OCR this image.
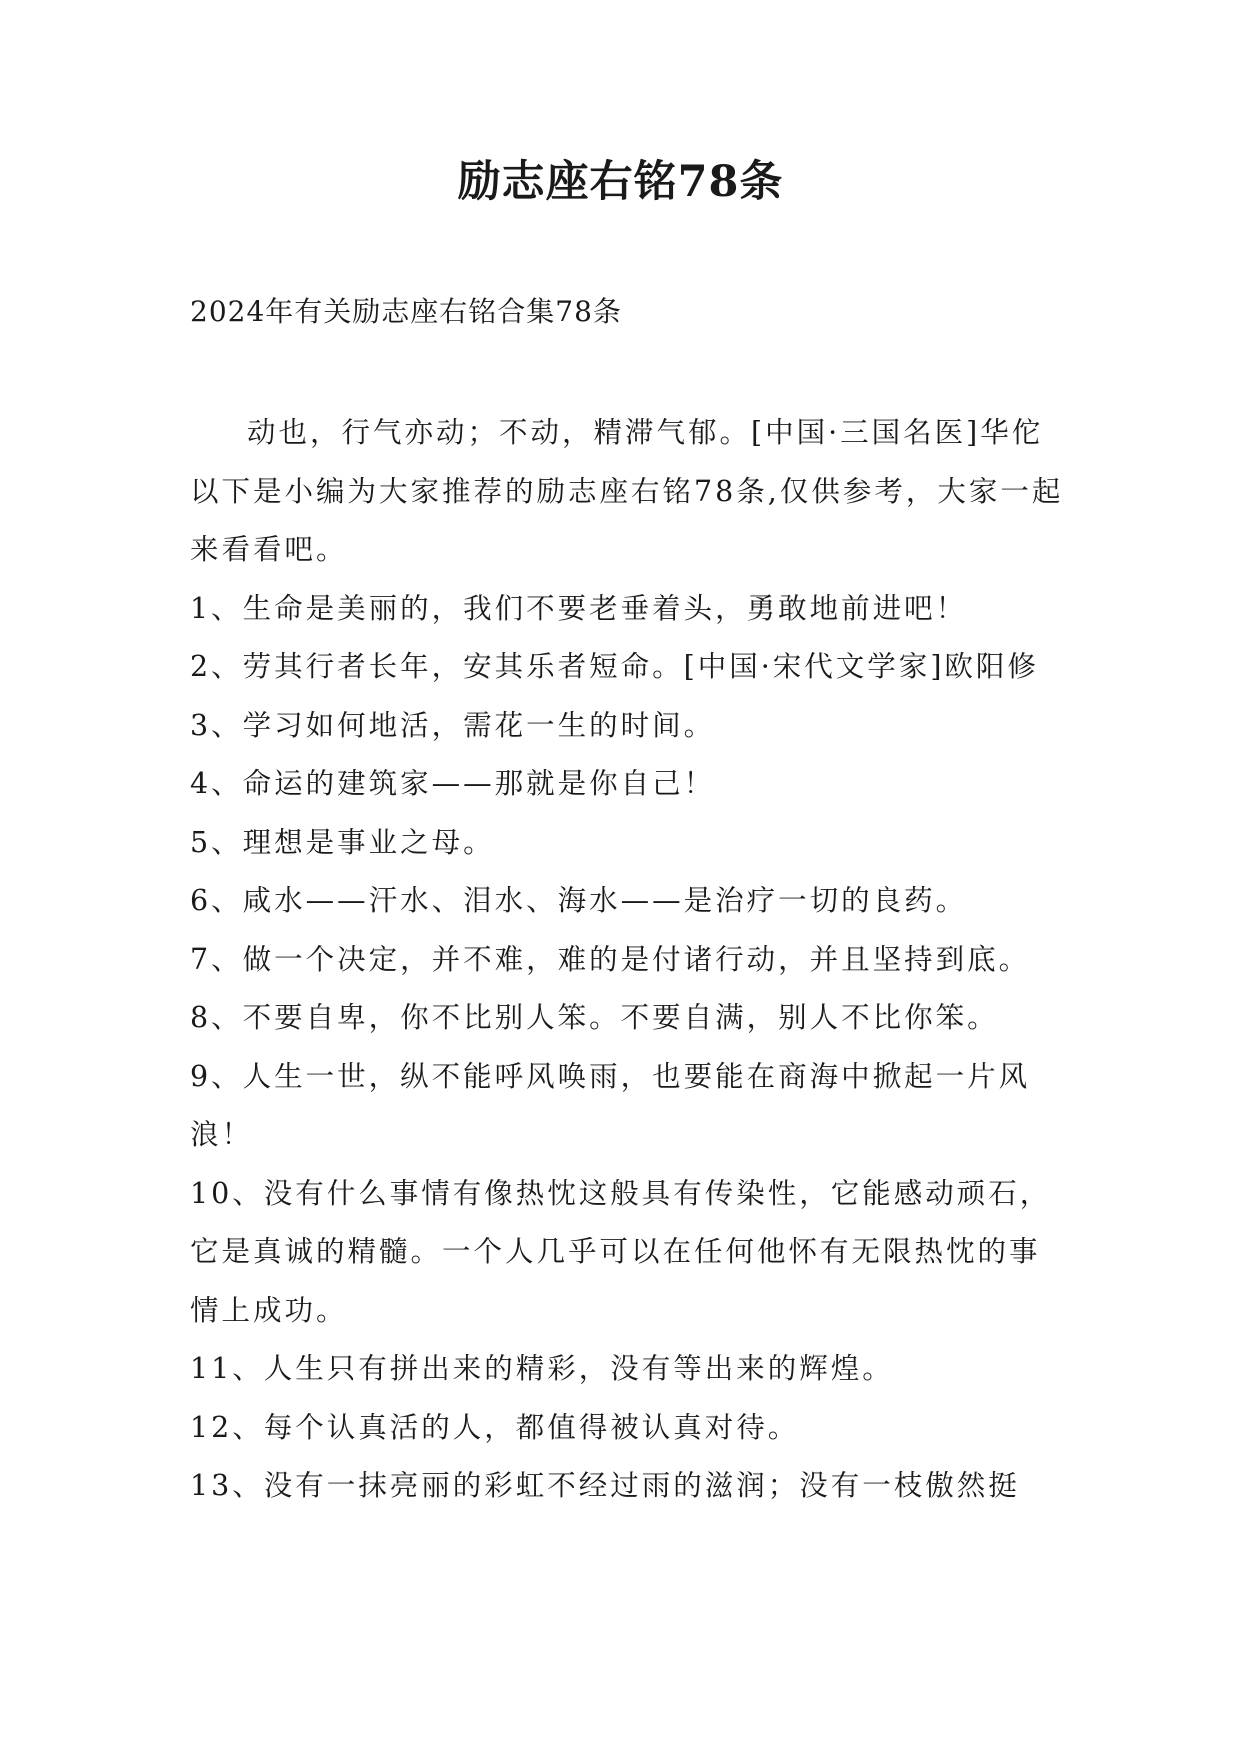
励志座右铭78条
2024年有关励志座右铭合集78条

动也，行气亦动；不动，精滞气郁。[中国·三国名医]华佗以下是小编为大家推荐的励志座右铭78条,仅供参考，大家一起来看看吧。

1、生命是美丽的，我们不要老垂着头，勇敢地前进吧！

2、劳其行者长年，安其乐者短命。[中国·宋代文学家]欧阳修

3、学习如何地活，需花一生的时间。

4、命运的建筑家——那就是你自己！

5、理想是事业之母。

6、咸水——汗水、泪水、海水——是治疗一切的良药。

7、做一个决定，并不难，难的是付诸行动，并且坚持到底。

8、不要自卑，你不比别人笨。不要自满，别人不比你笨。

9、人生一世，纵不能呼风唤雨，也要能在商海中掀起一片风浪！

10、没有什么事情有像热忱这般具有传染性，它能感动顽石，它是真诚的精髓。一个人几乎可以在任何他怀有无限热忱的事情上成功。

11、人生只有拼出来的精彩，没有等出来的辉煌。

12、每个认真活的人，都值得被认真对待。

13、没有一抹亮丽的彩虹不经过雨的滋润；没有一枝傲然挺
